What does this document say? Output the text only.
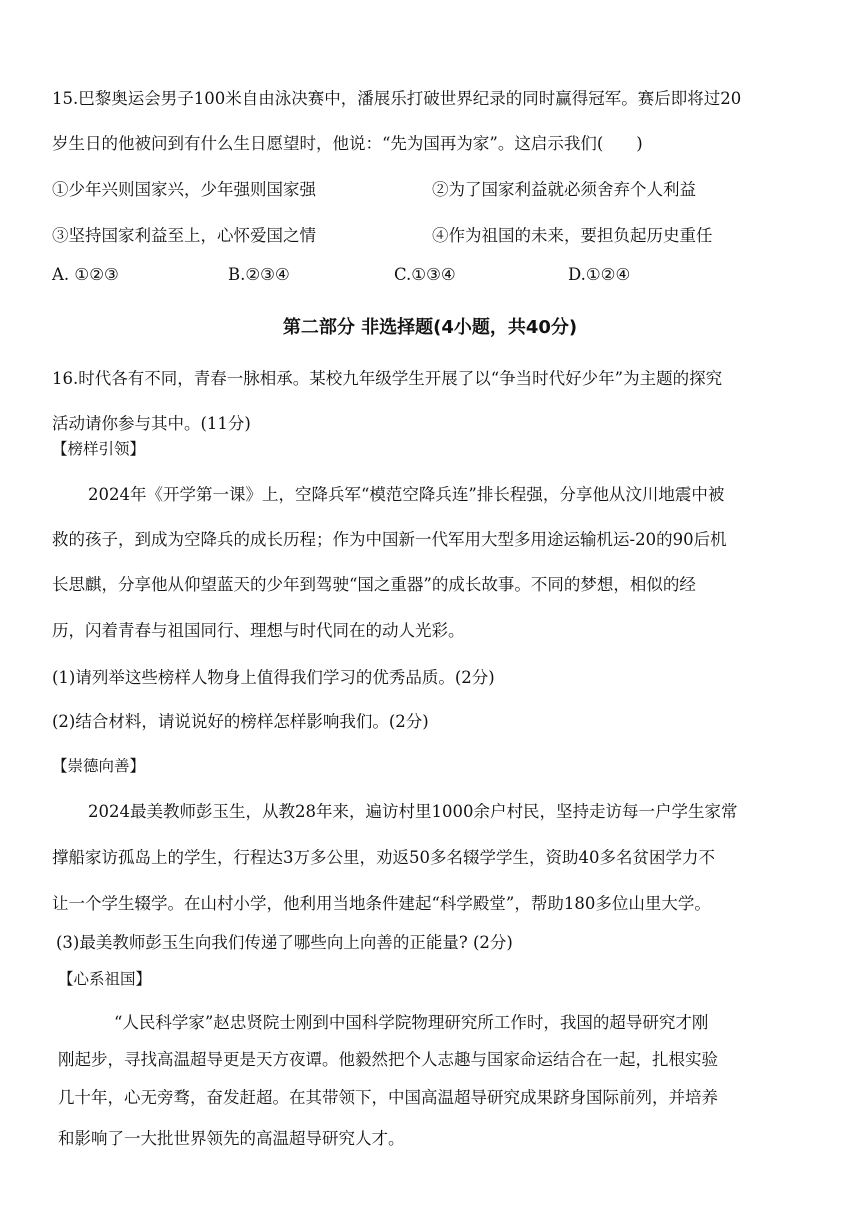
15.巴黎奥运会男子100米自由泳决赛中，潘展乐打破世界纪录的同时赢得冠军。赛后即将过20
岁生日的他被问到有什么生日愿望时，他说：“先为国再为家”。这启示我们(　　)
①少年兴则国家兴，少年强则国家强	②为了国家利益就必须舍弃个人利益
③坚持国家利益至上，心怀爱国之情	④作为祖国的未来，要担负起历史重任
A. ①②③	B.②③④	C.①③④	D.①②④
第二部分 非选择题(4小题，共40分)
16.时代各有不同，青春一脉相承。某校九年级学生开展了以“争当时代好少年”为主题的探究
活动请你参与其中。(11分)
【榜样引领】
2024年《开学第一课》上，空降兵军“模范空降兵连”排长程强，分享他从汶川地震中被
救的孩子，到成为空降兵的成长历程；作为中国新一代军用大型多用途运输机运-20的90后机
长思麒，分享他从仰望蓝天的少年到驾驶“国之重器”的成长故事。不同的梦想，相似的经
历，闪着青春与祖国同行、理想与时代同在的动人光彩。
(1)请列举这些榜样人物身上值得我们学习的优秀品质。(2分)
(2)结合材料，请说说好的榜样怎样影响我们。(2分)
【崇德向善】
2024最美教师彭玉生，从教28年来，遍访村里1000余户村民，坚持走访每一户学生家常
撑船家访孤岛上的学生，行程达3万多公里，劝返50多名辍学学生，资助40多名贫困学力不
让一个学生辍学。在山村小学，他利用当地条件建起“科学殿堂”，帮助180多位山里大学。
(3)最美教师彭玉生向我们传递了哪些向上向善的正能量? (2分)
【心系祖国】
“人民科学家”赵忠贤院士刚到中国科学院物理研究所工作时，我国的超导研究才刚
刚起步，寻找高温超导更是天方夜谭。他毅然把个人志趣与国家命运结合在一起，扎根实验
几十年，心无旁骛，奋发赶超。在其带领下，中国高温超导研究成果跻身国际前列，并培养
和影响了一大批世界领先的高温超导研究人才。
